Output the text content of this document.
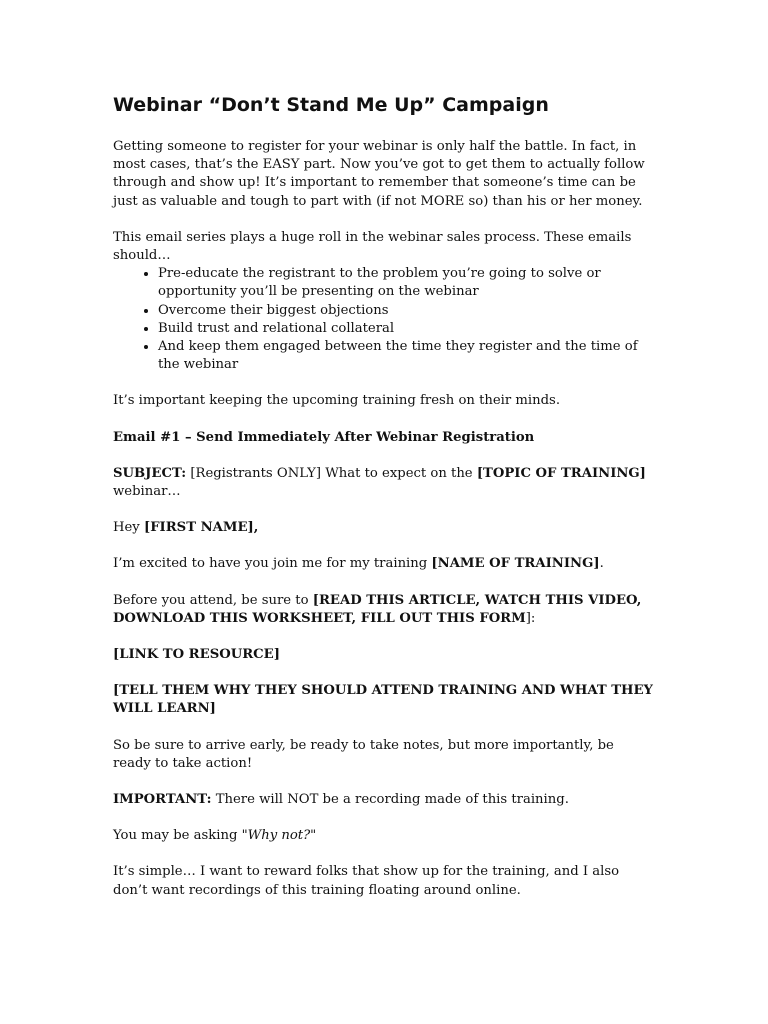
Webinar “Don’t Stand Me Up” Campaign

Getting someone to register for your webinar is only half the battle. In fact, in most cases, that’s the EASY part. Now you’ve got to get them to actually follow through and show up! It’s important to remember that someone’s time can be just as valuable and tough to part with (if not MORE so) than his or her money.

This email series plays a huge roll in the webinar sales process. These emails should…

• Pre-educate the registrant to the problem you’re going to solve or opportunity you’ll be presenting on the webinar
• Overcome their biggest objections
• Build trust and relational collateral
• And keep them engaged between the time they register and the time of the webinar

It’s important keeping the upcoming training fresh on their minds.

Email #1 – Send Immediately After Webinar Registration

SUBJECT: [Registrants ONLY] What to expect on the [TOPIC OF TRAINING] webinar…

Hey [FIRST NAME],

I’m excited to have you join me for my training [NAME OF TRAINING].

Before you attend, be sure to [READ THIS ARTICLE, WATCH THIS VIDEO, DOWNLOAD THIS WORKSHEET, FILL OUT THIS FORM]:

[LINK TO RESOURCE]

[TELL THEM WHY THEY SHOULD ATTEND TRAINING AND WHAT THEY WILL LEARN]

So be sure to arrive early, be ready to take notes, but more importantly, be ready to take action!

IMPORTANT: There will NOT be a recording made of this training.

You may be asking "Why not?"

It’s simple… I want to reward folks that show up for the training, and I also don’t want recordings of this training floating around online.
